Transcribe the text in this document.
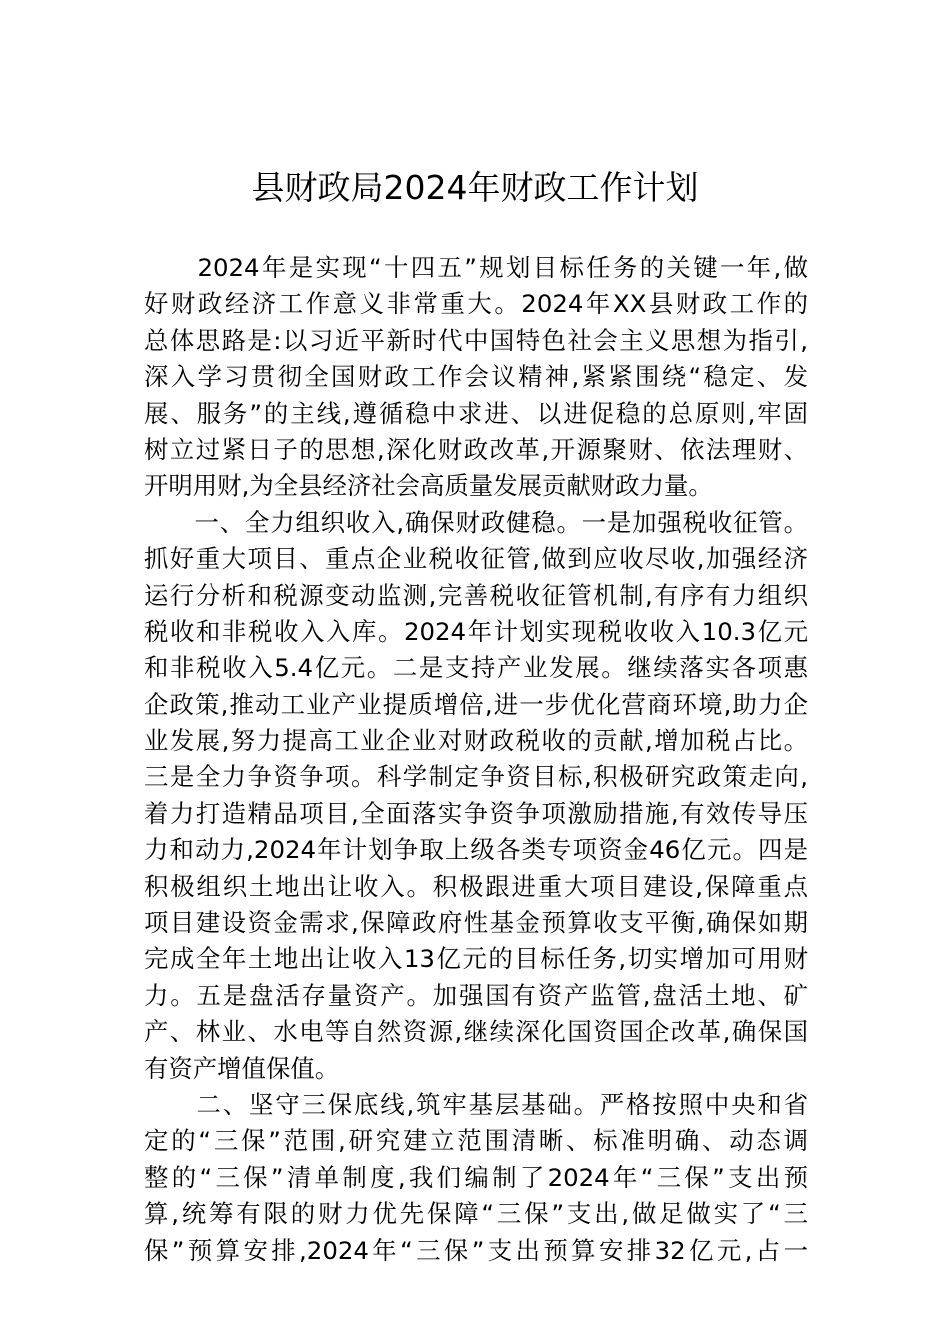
县财政局2024年财政工作计划
　　2024年是实现“十四五”规划目标任务的关键一年,做
好财政经济工作意义非常重大。2024年XX县财政工作的
总体思路是:以习近平新时代中国特色社会主义思想为指引,
深入学习贯彻全国财政工作会议精神,紧紧围绕“稳定、发
展、服务”的主线,遵循稳中求进、以进促稳的总原则,牢固
树立过紧日子的思想,深化财政改革,开源聚财、依法理财、
开明用财,为全县经济社会高质量发展贡献财政力量。
　　一、全力组织收入,确保财政健稳。一是加强税收征管。
抓好重大项目、重点企业税收征管,做到应收尽收,加强经济
运行分析和税源变动监测,完善税收征管机制,有序有力组织
税收和非税收入入库。2024年计划实现税收收入10.3亿元
和非税收入5.4亿元。二是支持产业发展。继续落实各项惠
企政策,推动工业产业提质增倍,进一步优化营商环境,助力企
业发展,努力提高工业企业对财政税收的贡献,增加税占比。
三是全力争资争项。科学制定争资目标,积极研究政策走向,
着力打造精品项目,全面落实争资争项激励措施,有效传导压
力和动力,2024年计划争取上级各类专项资金46亿元。四是
积极组织土地出让收入。积极跟进重大项目建设,保障重点
项目建设资金需求,保障政府性基金预算收支平衡,确保如期
完成全年土地出让收入13亿元的目标任务,切实增加可用财
力。五是盘活存量资产。加强国有资产监管,盘活土地、矿
产、林业、水电等自然资源,继续深化国资国企改革,确保国
有资产增值保值。
　　二、坚守三保底线,筑牢基层基础。严格按照中央和省
定的“三保”范围,研究建立范围清晰、标准明确、动态调
整的“三保”清单制度,我们编制了2024年“三保”支出预
算,统筹有限的财力优先保障“三保”支出,做足做实了“三
保”预算安排,2024年“三保”支出预算安排32亿元,占一
